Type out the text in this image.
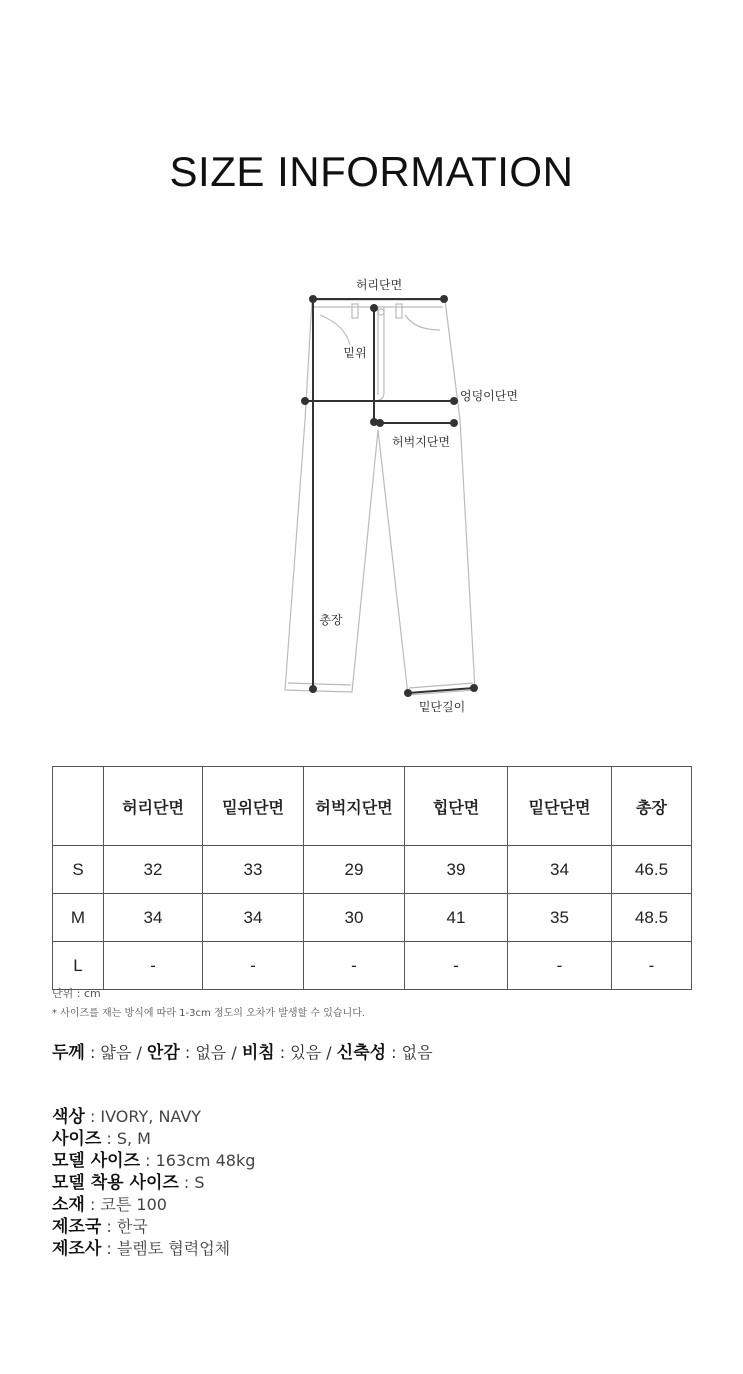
SIZE INFORMATION
허리단면
밑위
엉덩이단면
허벅지단면
총장
밑단길이
	허리단면	밑위단면	허벅지단면	힙단면	밑단단면	총장
S	32	33	29	39	34	46.5
M	34	34	30	41	35	48.5
L	-	-	-	-	-	-
단위 : cm
* 사이즈를 재는 방식에 따라 1-3cm 정도의 오차가 발생할 수 있습니다.
두께 : 얇음 / 안감 : 없음 / 비침 : 있음 / 신축성 : 없음
색상 : IVORY, NAVY
사이즈 : S, M
모델 사이즈 : 163cm 48kg
모델 착용 사이즈 : S
소재 : 코튼 100
제조국 : 한국
제조사 : 블렘토 협력업체
